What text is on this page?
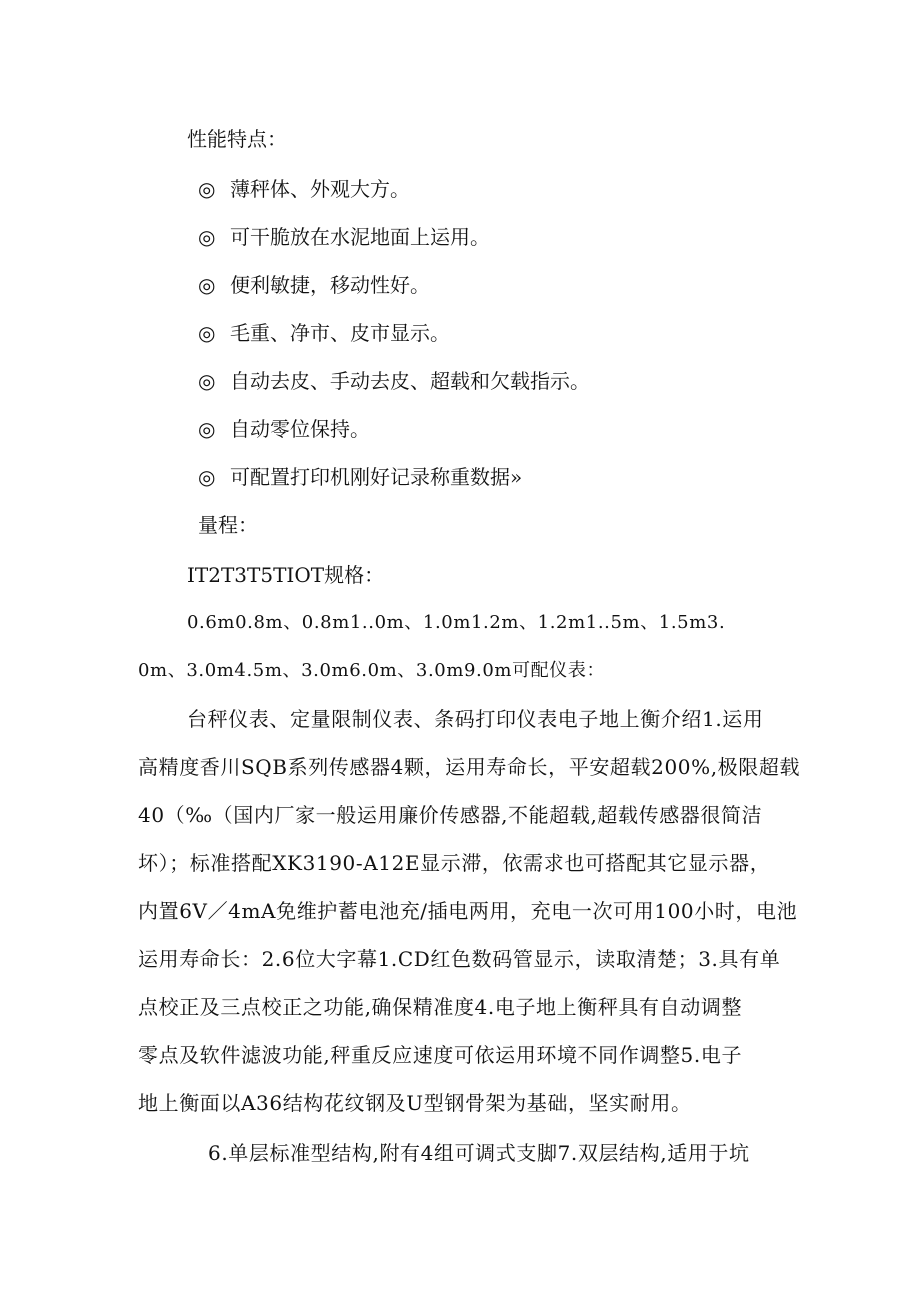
性能特点：
◎ 薄秤体、外观大方。
◎ 可干脆放在水泥地面上运用。
◎ 便利敏捷，移动性好。
◎ 毛重、净市、皮市显示。
◎ 自动去皮、手动去皮、超载和欠载指示。
◎ 自动零位保持。
◎ 可配置打印机刚好记录称重数据»
量程：
IT2T3T5TIOT规格：
0.6m0.8m、0.8m1..0m、1.0m1.2m、1.2m1..5m、1.5m3.
0m、3.0m4.5m、3.0m6.0m、3.0m9.0m可配仪表：
台秤仪表、定量限制仪表、条码打印仪表电子地上衡介绍1.运用
高精度香川SQB系列传感器4颗，运用寿命长，平安超载200%,极限超载
40（‰（国内厂家一般运用廉价传感器,不能超载,超载传感器很简洁
坏）；标准搭配XK3190-Α12E显示滞，依需求也可搭配其它显示器，
内置6V／4mA免维护蓄电池充/插电两用，充电一次可用100小时，电池
运用寿命长：2.6位大字幕1.CD红色数码管显示，读取清楚；3.具有单
点校正及三点校正之功能,确保精准度4.电子地上衡秤具有自动调整
零点及软件滤波功能,秤重反应速度可依运用环境不同作调整5.电子
地上衡面以A36结构花纹钢及U型钢骨架为基础，坚实耐用。
6.单层标准型结构,附有4组可调式支脚7.双层结构,适用于坑
